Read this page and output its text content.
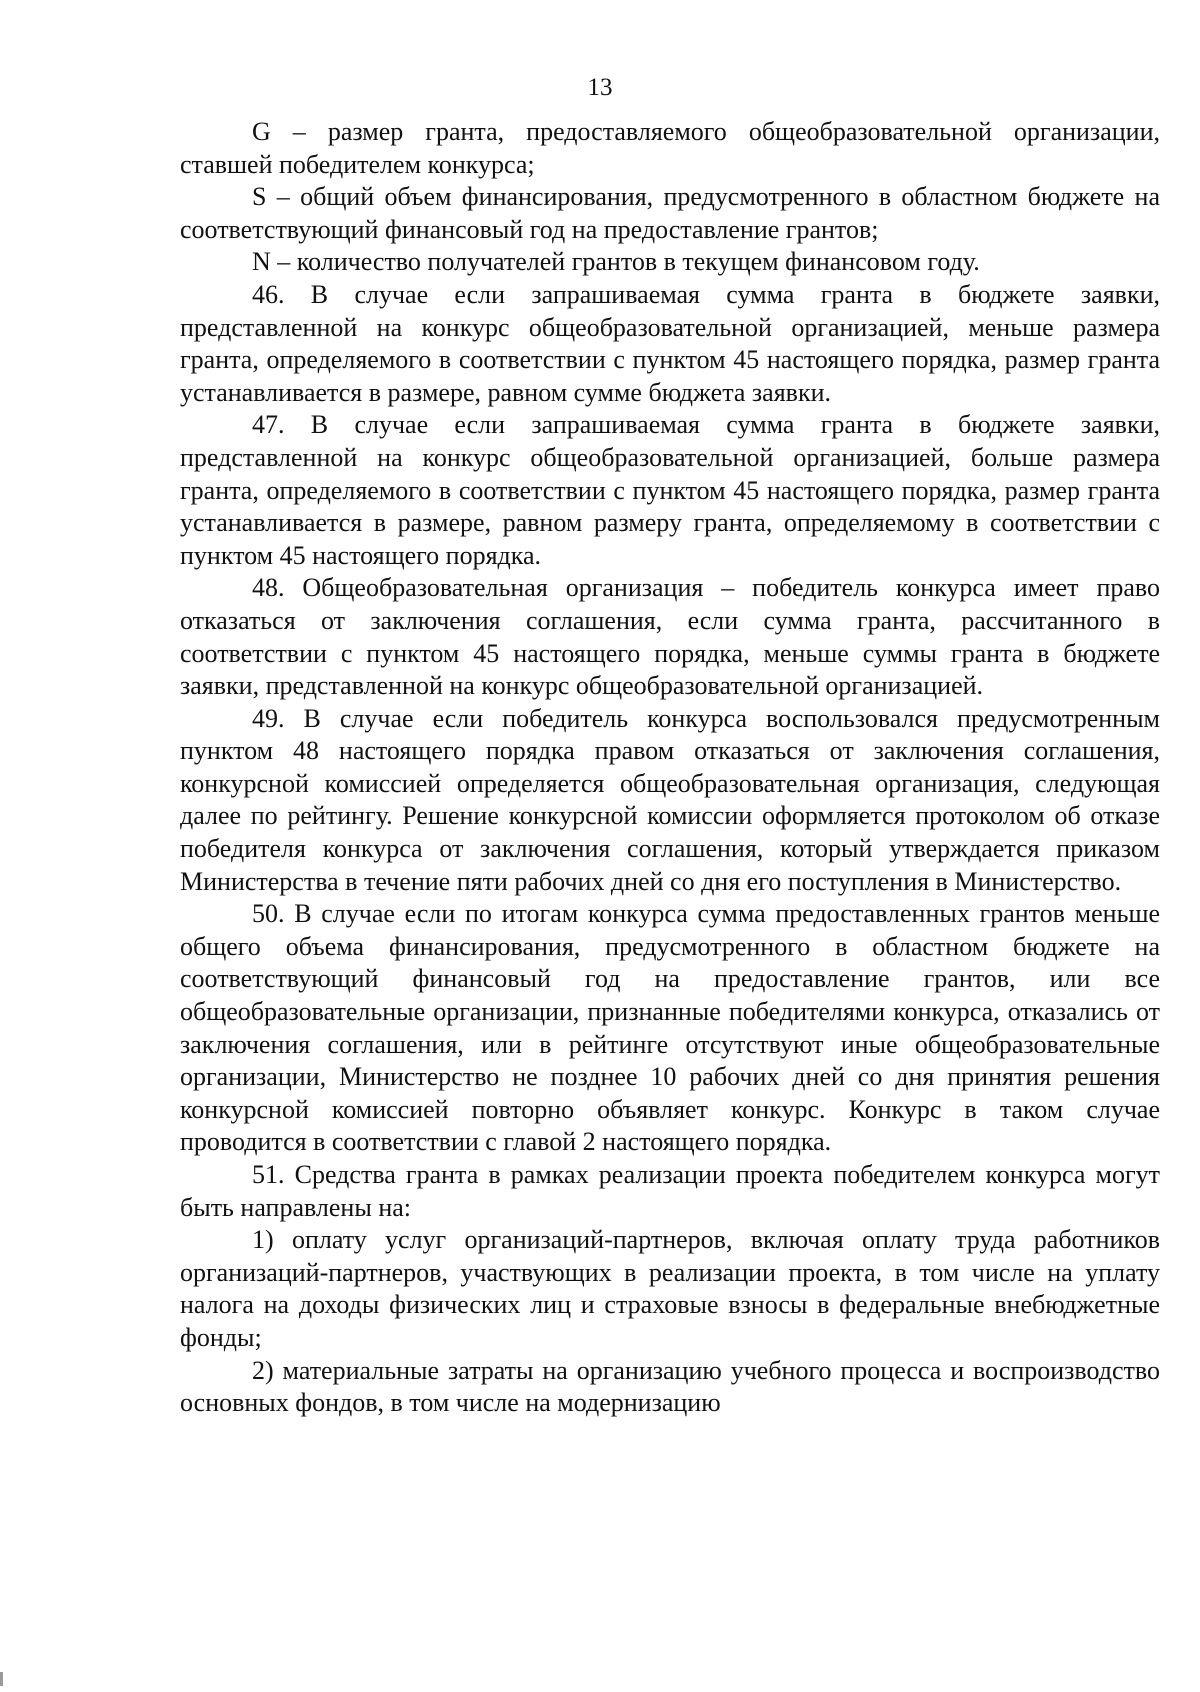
13

G – размер гранта, предоставляемого общеобразовательной организации, ставшей победителем конкурса;

S – общий объем финансирования, предусмотренного в областном бюджете на соответствующий финансовый год на предоставление грантов;

N – количество получателей грантов в текущем финансовом году.

46. В случае если запрашиваемая сумма гранта в бюджете заявки, представленной на конкурс общеобразовательной организацией, меньше размера гранта, определяемого в соответствии с пунктом 45 настоящего порядка, размер гранта устанавливается в размере, равном сумме бюджета заявки.

47. В случае если запрашиваемая сумма гранта в бюджете заявки, представленной на конкурс общеобразовательной организацией, больше размера гранта, определяемого в соответствии с пунктом 45 настоящего порядка, размер гранта устанавливается в размере, равном размеру гранта, определяемому в соответствии с пунктом 45 настоящего порядка.

48. Общеобразовательная организация – победитель конкурса имеет право отказаться от заключения соглашения, если сумма гранта, рассчитанного в соответствии с пунктом 45 настоящего порядка, меньше суммы гранта в бюджете заявки, представленной на конкурс общеобразовательной организацией.

49. В случае если победитель конкурса воспользовался предусмотренным пунктом 48 настоящего порядка правом отказаться от заключения соглашения, конкурсной комиссией определяется общеобразовательная организация, следующая далее по рейтингу. Решение конкурсной комиссии оформляется протоколом об отказе победителя конкурса от заключения соглашения, который утверждается приказом Министерства в течение пяти рабочих дней со дня его поступления в Министерство.

50. В случае если по итогам конкурса сумма предоставленных грантов меньше общего объема финансирования, предусмотренного в областном бюджете на соответствующий финансовый год на предоставление грантов, или все общеобразовательные организации, признанные победителями конкурса, отказались от заключения соглашения, или в рейтинге отсутствуют иные общеобразовательные организации, Министерство не позднее 10 рабочих дней со дня принятия решения конкурсной комиссией повторно объявляет конкурс. Конкурс в таком случае проводится в соответствии с главой 2 настоящего порядка.

51. Средства гранта в рамках реализации проекта победителем конкурса могут быть направлены на:

1) оплату услуг организаций-партнеров, включая оплату труда работников организаций-партнеров, участвующих в реализации проекта, в том числе на уплату налога на доходы физических лиц и страховые взносы в федеральные внебюджетные фонды;

2) материальные затраты на организацию учебного процесса и воспроизводство основных фондов, в том числе на модернизацию
